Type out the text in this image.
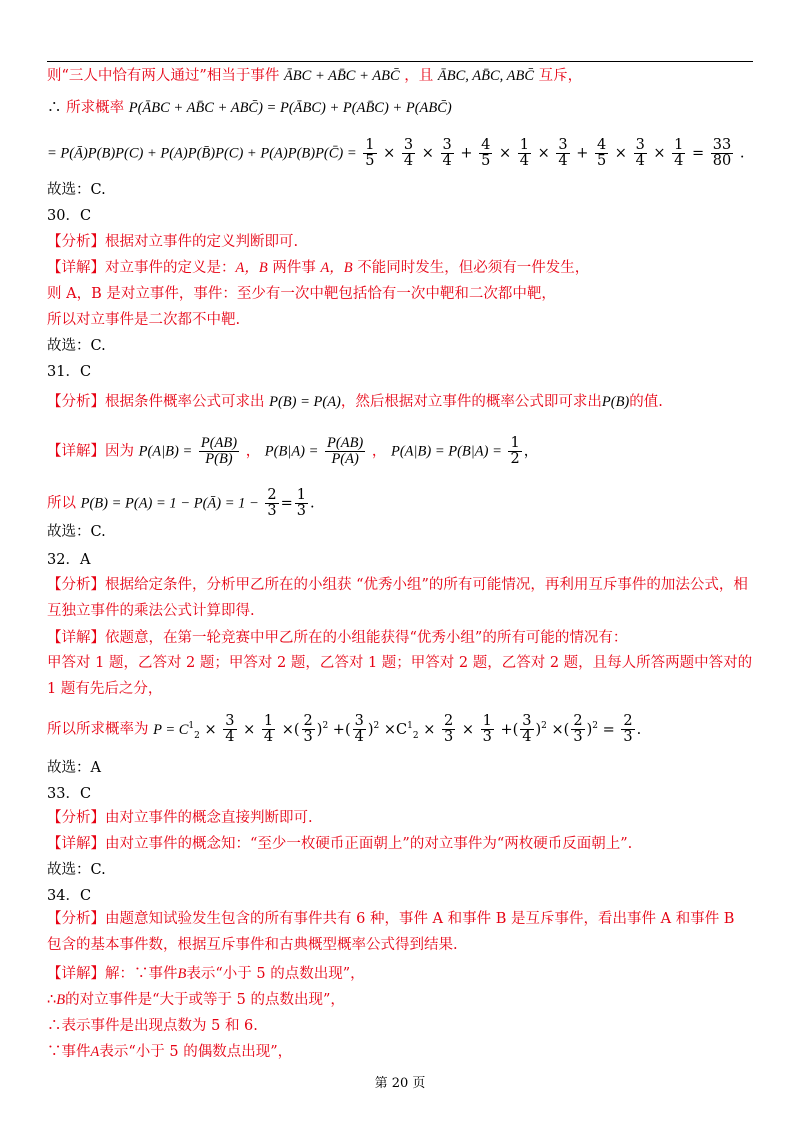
则“三人中恰有两人通过”相当于事件 ĀBC + AB̄C + ABC̄ ，且 ĀBC, AB̄C, ABC̄ 互斥，
∴ 所求概率 P(ĀBC + AB̄C + ABC̄) = P(ĀBC) + P(AB̄C) + P(ABC̄)
= P(Ā)P(B)P(C) + P(A)P(B̄)P(C) + P(A)P(B)P(C̄) = $\frac{1}{5} \times \frac{3}{4} \times \frac{3}{4} + \frac{4}{5} \times \frac{1}{4} \times \frac{3}{4} + \frac{4}{5} \times \frac{3}{4} \times \frac{1}{4} = \frac{33}{80}$ .
故选：C.
30．C
【分析】根据对立事件的定义判断即可.
【详解】对立事件的定义是：A，B 两件事 A，B 不能同时发生，但必须有一件发生，
则 A，B 是对立事件，事件：至少有一次中靶包括恰有一次中靶和二次都中靶，
所以对立事件是二次都不中靶.
故选：C.
31．C
【分析】根据条件概率公式可求出 P(B) = P(A)，然后根据对立事件的概率公式即可求出P(B)的值.
【详解】因为 $P(A|B) = \frac{P(AB)}{P(B)}$ ， $P(B|A) = \frac{P(AB)}{P(A)}$ ， $P(A|B) = P(B|A) = \frac{1}{2}$ ，
所以 P(B) = P(A) = 1 − P(Ā) = $1 - \frac{2}{3} = \frac{1}{3}$ .
故选：C.
32．A
【分析】根据给定条件，分析甲乙所在的小组获 “优秀小组”的所有可能情况，再利用互斥事件的加法公式，相互独立事件的乘法公式计算即得.
【详解】依题意，在第一轮竞赛中甲乙所在的小组能获得“优秀小组”的所有可能的情况有：
甲答对 1 题，乙答对 2 题；甲答对 2 题，乙答对 1 题；甲答对 2 题，乙答对 2 题，且每人所答两题中答对的 1 题有先后之分，
所以所求概率为 $P = C^1_2 \times \frac{3}{4} \times \frac{1}{4}$ ×( $\frac{2}{3} )^2$ +( $\frac{3}{4} )^2 \times C^1_2 \times \frac{2}{3} \times \frac{1}{3}$ +( $\frac{3}{4} )^2$ ×( $\frac{2}{3} )^2 = \frac{2}{3}$ .
故选：A
33．C
【分析】由对立事件的概念直接判断即可.
【详解】由对立事件的概念知：“至少一枚硬币正面朝上”的对立事件为“两枚硬币反面朝上”.
故选：C.
34．C
【分析】由题意知试验发生包含的所有事件共有 6 种，事件 A 和事件 B 是互斥事件，看出事件 A 和事件 B 包含的基本事件数，根据互斥事件和古典概型概率公式得到结果.
【详解】解：∵事件B表示“小于 5 的点数出现”，
∴B的对立事件是“大于或等于 5 的点数出现”，
∴表示事件是出现点数为 5 和 6.
∵事件A表示“小于 5 的偶数点出现”，
第 20 页
